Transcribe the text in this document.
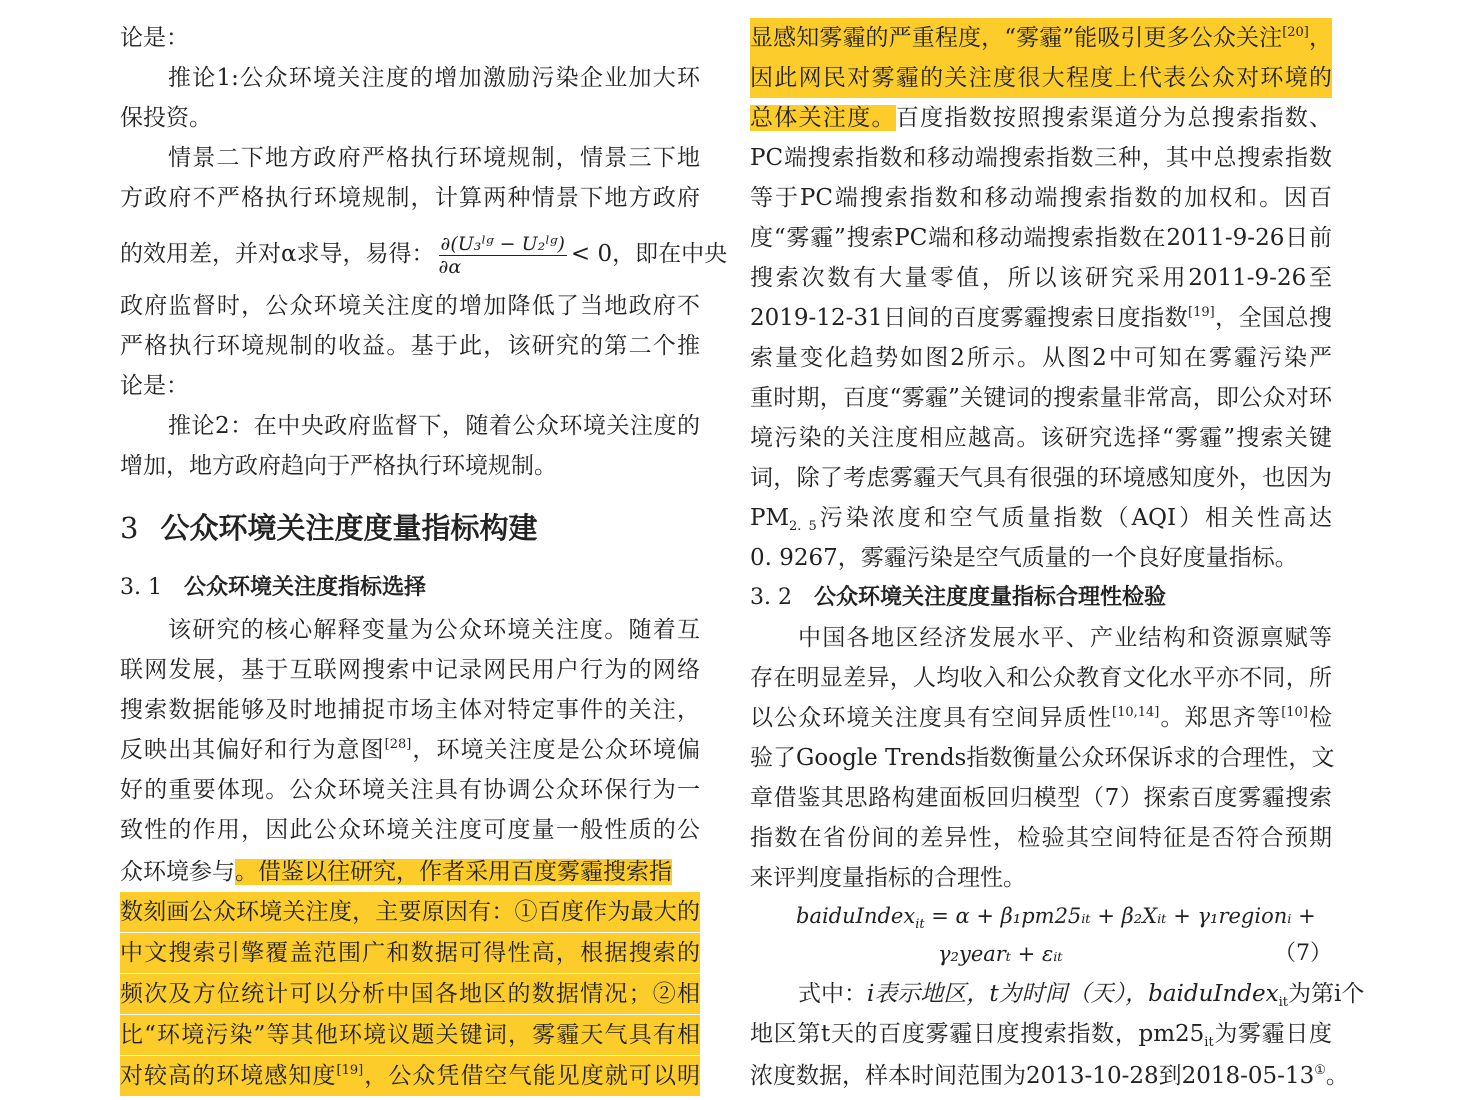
论是：
推论1:公众环境关注度的增加激励污染企业加大环
保投资。
情景二下地方政府严格执行环境规制，情景三下地
方政府不严格执行环境规制，计算两种情景下地方政府
的效用差，并对α求导，易得： $\frac{\text{∂(U₃ˡᵍ − U₂ˡᵍ)}}{\partial\alpha} < 0$，即在中央
政府监督时，公众环境关注度的增加降低了当地政府不
严格执行环境规制的收益。基于此，该研究的第二个推
论是：
推论2：在中央政府监督下，随着公众环境关注度的
增加，地方政府趋向于严格执行环境规制。
3 公众环境关注度度量指标构建
3. 1 公众环境关注度指标选择
该研究的核心解释变量为公众环境关注度。随着互
联网发展，基于互联网搜索中记录网民用户行为的网络
搜索数据能够及时地捕捉市场主体对特定事件的关注，
反映出其偏好和行为意图[28]，环境关注度是公众环境偏
好的重要体现。公众环境关注具有协调公众环保行为一
致性的作用，因此公众环境关注度可度量一般性质的公
众环境参与。借鉴以往研究，作者采用百度雾霾搜索指
数刻画公众环境关注度，主要原因有：①百度作为最大的
中文搜索引擎覆盖范围广和数据可得性高，根据搜索的
频次及方位统计可以分析中国各地区的数据情况；②相
比“环境污染”等其他环境议题关键词，雾霾天气具有相
对较高的环境感知度[19]，公众凭借空气能见度就可以明
显感知雾霾的严重程度，“雾霾”能吸引更多公众关注[20]，
因此网民对雾霾的关注度很大程度上代表公众对环境的
总体关注度。百度指数按照搜索渠道分为总搜索指数、
PC端搜索指数和移动端搜索指数三种，其中总搜索指数
等于PC端搜索指数和移动端搜索指数的加权和。因百
度“雾霾”搜索PC端和移动端搜索指数在2011-9-26日前
搜索次数有大量零值，所以该研究采用2011-9-26至
2019-12-31日间的百度雾霾搜索日度指数[19]，全国总搜
索量变化趋势如图2所示。从图2中可知在雾霾污染严
重时期，百度“雾霾”关键词的搜索量非常高，即公众对环
境污染的关注度相应越高。该研究选择“雾霾”搜索关键
词，除了考虑雾霾天气具有很强的环境感知度外，也因为
$PM_{2. 5}$污染浓度和空气质量指数（AQI）相关性高达
0. 9267，雾霾污染是空气质量的一个良好度量指标。
3. 2 公众环境关注度度量指标合理性检验
中国各地区经济发展水平、产业结构和资源禀赋等
存在明显差异，人均收入和公众教育文化水平亦不同，所
以公众环境关注度具有空间异质性[10,14]。郑思齐等[10]检
验了Google Trends指数衡量公众环保诉求的合理性，文
章借鉴其思路构建面板回归模型（7）探索百度雾霾搜索
指数在省份间的差异性，检验其空间特征是否符合预期
来评判度量指标的合理性。
baiduIndex$_{it}$ = α + β₁pm25ᵢₜ + β₂Xᵢₜ + γ₁regionᵢ +
γ₂yearₜ + εᵢₜ	（7）
式中：i表示地区，t为时间（天），baiduIndex$_{it}$为第i个
地区第t天的百度雾霾日度搜索指数，$pm25_{it}$为雾霾日度
浓度数据，样本时间范围为2013-10-28到2018-05-13①。
